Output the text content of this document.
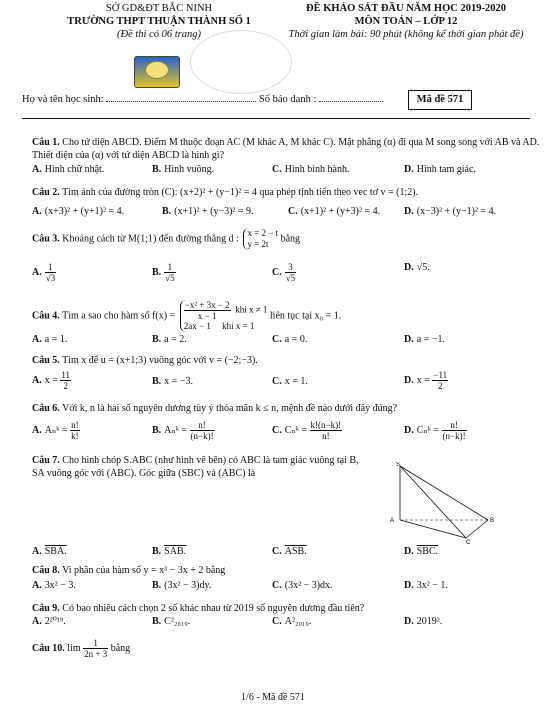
SỞ GD&ĐT BẮC NINH
TRƯỜNG THPT THUẬN THÀNH SỐ 1
(Đề thi có 06 trang)
ĐỀ KHẢO SÁT ĐẦU NĂM HỌC 2019-2020
MÔN TOÁN – LỚP 12
Thời gian làm bài: 90 phút (không kể thời gian phát đề)
Họ và tên học sinh:	Số báo danh :	Mã đề 571
Câu 1. Cho tứ diện ABCD. Điểm M thuộc đoạn AC (M khác A, M khác C). Mặt phẳng (α) đi qua M song song với AB và AD. Thiết diện của (α) với tứ diện ABCD là hình gì?
A. Hình chữ nhật.	B. Hình vuông.	C. Hình bình hành.	D. Hình tam giác.
Câu 2. Tìm ảnh của đường tròn (C): (x+2)² + (y−1)² = 4 qua phép tịnh tiến theo vec tơ v = (1;2).
A. (x+3)² + (y+1)² = 4.	B. (x+1)² + (y−3)² = 9.	C. (x+1)² + (y+3)² = 4. D. (x−3)² + (y−1)² = 4.
Câu 3. Khoảng cách từ M(1;1) đến đường thẳng d :
x = 2 − t
y = 2t	bằng
A. $\frac{1}{√3}$	B. $\frac{1}{√5}$	C. $\frac{3}{√5}$	D. √5.
Câu 4. Tìm a sao cho hàm số $f(x) = \frac{\text{−x² + 3x − 2}}{x - 1}$ khi x ≠ 1
2ax − 1 khi x = 1
liên tục tại x₀ = 1.
A. a = 1.	B. a = 2.	C. a = 0.	D. a = −1.
Câu 5. Tìm x để u = (x+1;3) vuông góc với v = (−2;−3).
A. $x = \frac{11}{2}$	B. x = −3.	C. x = 1.	D. $x = \frac{-11}{2}$
Câu 6. Với k, n là hai số nguyên dương tùy ý thỏa mãn k ≤ n, mệnh đề nào dưới đây đúng?
A. Aₙᵏ = $\frac{n!}{k!}$	B. Aₙᵏ = $\frac{n!}{(n-k)!}$	C. Cₙᵏ = $\frac{k!(n-k)!}{n!}$	D. Cₙᵏ = $\frac{n!}{(n-k)!}$
Câu 7. Cho hình chóp S.ABC (như hình vẽ bên) có ABC là tam giác vuông tại B, SA vuông góc với (ABC). Góc giữa (SBC) và (ABC) là
S
A	B
C
A. SBA.	B. SAB.	C. ASB.	D. SBC.
Câu 8. Vi phân của hàm số y = x³ − 3x + 2 bằng
A. 3x² − 3.	B. (3x² − 3)dy.	C. (3x² − 3)dx.	D. 3x² − 1.
Câu 9. Có bao nhiêu cách chọn 2 số khác nhau từ 2019 số nguyên dương đầu tiên?
A. 2²⁰¹⁹.	B. C²₂₀₁₉.	C. A²₂₀₁₉.	D. 2019².
Câu 10. $\lim \frac{1}{2n + 3}$ bằng
1/6 - Mã đề 571
